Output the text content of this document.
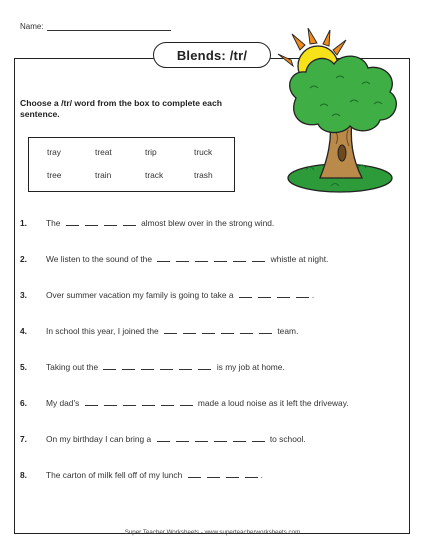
Name:
Blends: /tr/
Choose a /tr/ word from the box to complete each sentence.
tray	treat	trip	truck
tree	train	track	trash
1. The	almost blew over in the strong wind.
2. We listen to the sound of the	whistle at night.
3. Over summer vacation my family is going to take a	.
4. In school this year, I joined the	team.
5. Taking out the	is my job at home.
6. My dad's	made a loud noise as it left the driveway.
7. On my birthday I can bring a	to school.
8. The carton of milk fell off of my lunch	.
Super Teacher Worksheets - www.superteacherworksheets.com
